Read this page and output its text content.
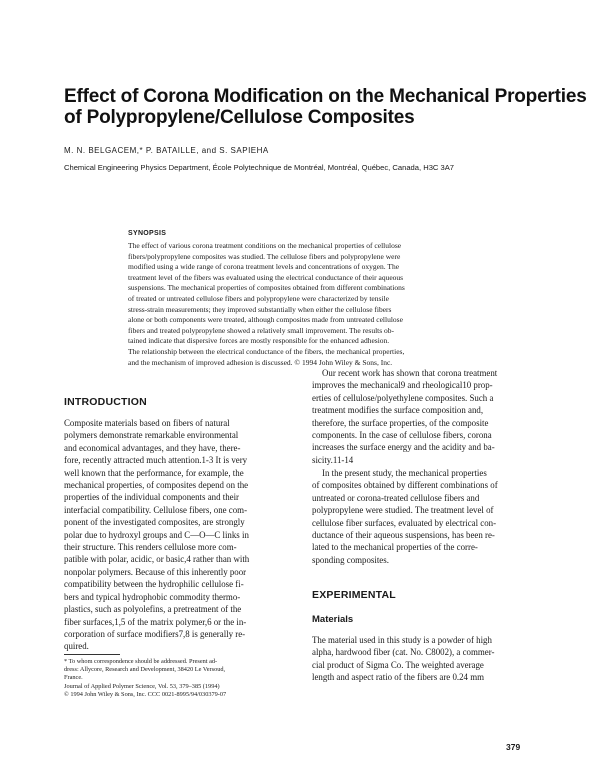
Effect of Corona Modification on the Mechanical Properties
of Polypropylene/Cellulose Composites
M. N. BELGACEM,* P. BATAILLE, and S. SAPIEHA
Chemical Engineering Physics Department, École Polytechnique de Montréal, Montréal, Québec, Canada, H3C 3A7
SYNOPSIS
The effect of various corona treatment conditions on the mechanical properties of cellulose
fibers/polypropylene composites was studied. The cellulose fibers and polypropylene were
modified using a wide range of corona treatment levels and concentrations of oxygen. The
treatment level of the fibers was evaluated using the electrical conductance of their aqueous
suspensions. The mechanical properties of composites obtained from different combinations
of treated or untreated cellulose fibers and polypropylene were characterized by tensile
stress-strain measurements; they improved substantially when either the cellulose fibers
alone or both components were treated, although composites made from untreated cellulose
fibers and treated polypropylene showed a relatively small improvement. The results ob-
tained indicate that dispersive forces are mostly responsible for the enhanced adhesion.
The relationship between the electrical conductance of the fibers, the mechanical properties,
and the mechanism of improved adhesion is discussed. © 1994 John Wiley & Sons, Inc.
INTRODUCTION
Composite materials based on fibers of natural
polymers demonstrate remarkable environmental
and economical advantages, and they have, there-
fore, recently attracted much attention.1-3 It is very
well known that the performance, for example, the
mechanical properties, of composites depend on the
properties of the individual components and their
interfacial compatibility. Cellulose fibers, one com-
ponent of the investigated composites, are strongly
polar due to hydroxyl groups and C—O—C links in
their structure. This renders cellulose more com-
patible with polar, acidic, or basic,4 rather than with
nonpolar polymers. Because of this inherently poor
compatibility between the hydrophilic cellulose fi-
bers and typical hydrophobic commodity thermo-
plastics, such as polyolefins, a pretreatment of the
fiber surfaces,1,5 of the matrix polymer,6 or the in-
corporation of surface modifiers7,8 is generally re-
quired.
Our recent work has shown that corona treatment
improves the mechanical9 and rheological10 prop-
erties of cellulose/polyethylene composites. Such a
treatment modifies the surface composition and,
therefore, the surface properties, of the composite
components. In the case of cellulose fibers, corona
increases the surface energy and the acidity and ba-
sicity.11-14
In the present study, the mechanical properties
of composites obtained by different combinations of
untreated or corona-treated cellulose fibers and
polypropylene were studied. The treatment level of
cellulose fiber surfaces, evaluated by electrical con-
ductance of their aqueous suspensions, has been re-
lated to the mechanical properties of the corre-
sponding composites.
EXPERIMENTAL
Materials
The material used in this study is a powder of high
alpha, hardwood fiber (cat. No. C8002), a commer-
cial product of Sigma Co. The weighted average
length and aspect ratio of the fibers are 0.24 mm
* To whom correspondence should be addressed. Present ad-
dress: Allycore, Research and Development, 38420 Le Versoud,
France.
Journal of Applied Polymer Science, Vol. 53, 379–385 (1994)
© 1994 John Wiley & Sons, Inc. CCC 0021-8995/94/030379-07
379
